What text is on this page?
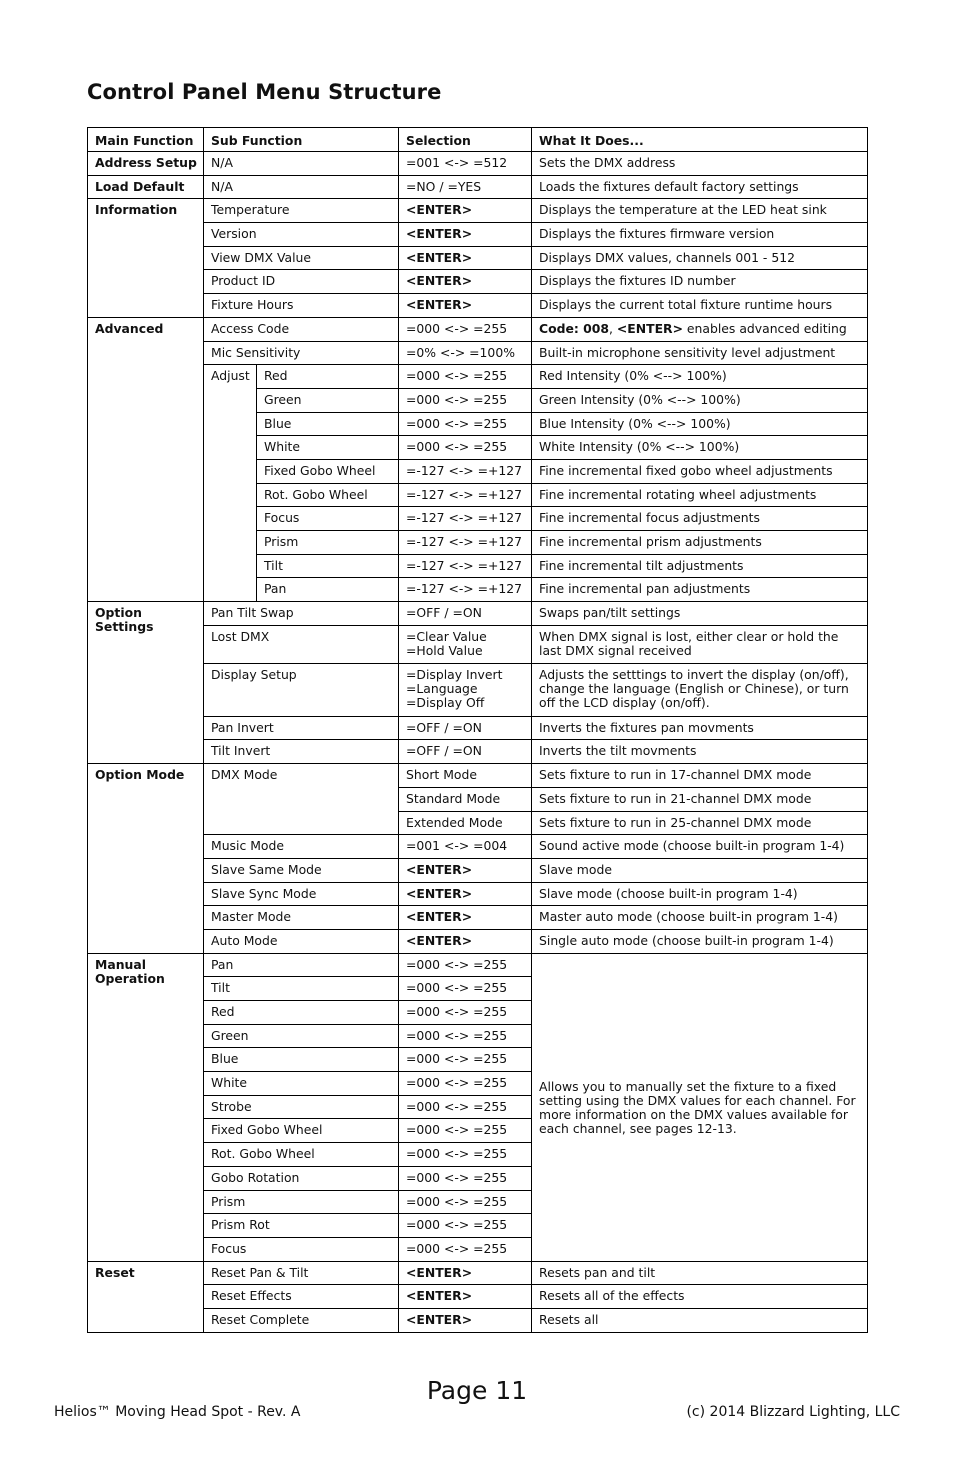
Control Panel Menu Structure
Main Function	Sub Function		Selection	What It Does...
Address Setup	N/A		=001 <-> =512	Sets the DMX address
Load Default	N/A		=NO / =YES	Loads the fixtures default factory settings
Information	Temperature		<ENTER>	Displays the temperature at the LED heat sink
	Version		<ENTER>	Displays the fixtures firmware version
	View DMX Value		<ENTER>	Displays DMX values, channels 001 - 512
	Product ID		<ENTER>	Displays the fixtures ID number
	Fixture Hours		<ENTER>	Displays the current total fixture runtime hours
Advanced	Access Code		=000 <-> =255	Code: 008, <ENTER> enables advanced editing
	Mic Sensitivity		=0% <-> =100%	Built-in microphone sensitivity level adjustment
	Adjust	Red	=000 <-> =255	Red Intensity (0% <--> 100%)
		Green	=000 <-> =255	Green Intensity (0% <--> 100%)
		Blue	=000 <-> =255	Blue Intensity (0% <--> 100%)
		White	=000 <-> =255	White Intensity (0% <--> 100%)
		Fixed Gobo Wheel	=-127 <-> =+127	Fine incremental fixed gobo wheel adjustments
		Rot. Gobo Wheel	=-127 <-> =+127	Fine incremental rotating wheel adjustments
		Focus	=-127 <-> =+127	Fine incremental focus adjustments
		Prism	=-127 <-> =+127	Fine incremental prism adjustments
		Tilt	=-127 <-> =+127	Fine incremental tilt adjustments
		Pan	=-127 <-> =+127	Fine incremental pan adjustments
Option Settings	Pan Tilt Swap		=OFF / =ON	Swaps pan/tilt settings
	Lost DMX		=Clear Value
=Hold Value	When DMX signal is lost, either clear or hold the last DMX signal received
	Display Setup		=Display Invert
=Language
=Display Off	Adjusts the setttings to invert the display (on/off), change the language (English or Chinese), or turn off the LCD display (on/off).
	Pan Invert		=OFF / =ON	Inverts the fixtures pan movments
	Tilt Invert		=OFF / =ON	Inverts the tilt movments
Option Mode	DMX Mode		Short Mode	Sets fixture to run in 17-channel DMX mode
			Standard Mode	Sets fixture to run in 21-channel DMX mode
			Extended Mode	Sets fixture to run in 25-channel DMX mode
	Music Mode		=001 <-> =004	Sound active mode (choose built-in program 1-4)
	Slave Same Mode		<ENTER>	Slave mode
	Slave Sync Mode		<ENTER>	Slave mode (choose built-in program 1-4)
	Master Mode		<ENTER>	Master auto mode (choose built-in program 1-4)
	Auto Mode		<ENTER>	Single auto mode (choose built-in program 1-4)
Manual Operation	Pan		=000 <-> =255	Allows you to manually set the fixture to a fixed setting using the DMX values for each channel. For more information on the DMX values available for each channel, see pages 12-13.
	Tilt		=000 <-> =255	
	Red		=000 <-> =255	
	Green		=000 <-> =255	
	Blue		=000 <-> =255	
	White		=000 <-> =255	
	Strobe		=000 <-> =255	
	Fixed Gobo Wheel		=000 <-> =255	
	Rot. Gobo Wheel		=000 <-> =255	
	Gobo Rotation		=000 <-> =255	
	Prism		=000 <-> =255	
	Prism Rot		=000 <-> =255	
	Focus		=000 <-> =255	
Reset	Reset Pan & Tilt		<ENTER>	Resets pan and tilt
	Reset Effects		<ENTER>	Resets all of the effects
	Reset Complete		<ENTER>	Resets all
Page 11
Helios™ Moving Head Spot - Rev. A	(c) 2014 Blizzard Lighting, LLC
